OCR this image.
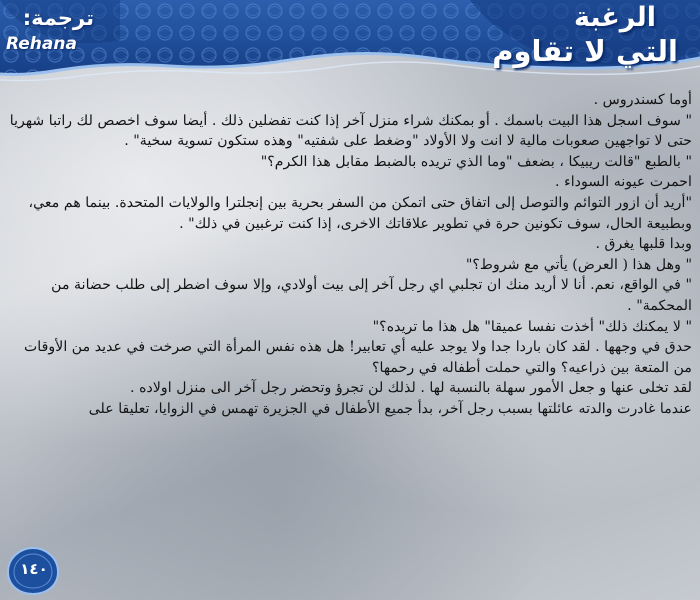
ترجمة:
Rehana
الرغبة
التي لا تقاوم

أوما كسندروس .

" سوف اسجل هذا البيت باسمك . أو بمكنك شراء منزل آخر إذا كنت تفضلين ذلك . أيضا سوف اخصص لك راتبا شهريا حتى لا تواجهين صعوبات مالية لا انت ولا الأولاد "وضغط على شفتيه" وهذه ستكون تسوية سخية" .

" بالطبع "قالت ريبيكا ، بضعف "وما الذي تريده بالضبط مقابل هذا الكرم؟"

احمرت عيونه السوداء .

"أريد أن ازور التوائم والتوصل إلى اتفاق حتى اتمكن من السفر بحرية بين إنجلترا والولايات المتحدة. بينما هم معي، وبطبيعة الحال، سوف تكونين حرة في تطوير علاقاتك الاخرى، إذا كنت ترغبين في ذلك" .

وبدا قلبها يغرق .

" وهل هذا ( العرض) يأتي مع شروط؟"

" في الواقع، نعم. أنا لا أريد منك ان تجلبي اي رجل آخر إلى بيت أولادي، وإلا سوف اضطر إلى طلب حضانة من المحكمة" .

" لا يمكنك ذلك" أخذت نفسا عميقا" هل هذا ما تريده؟"

حدق في وجهها . لقد كان باردا جدا ولا يوجد عليه أي تعابير! هل هذه نفس المرأة التي صرخت في عديد من الأوقات من المتعة بين ذراعيه؟ والتي حملت أطفاله في رحمها؟

لقد تخلى عنها و جعل الأمور سهلة بالنسبة لها . لذلك لن تجرؤ وتحضر رجل آخر الى منزل اولاده .

عندما غادرت والدته عائلتها بسبب رجل آخر، بدأ جميع الأطفال في الجزيرة تهمس في الزوايا، تعليقا على

١٤٠
